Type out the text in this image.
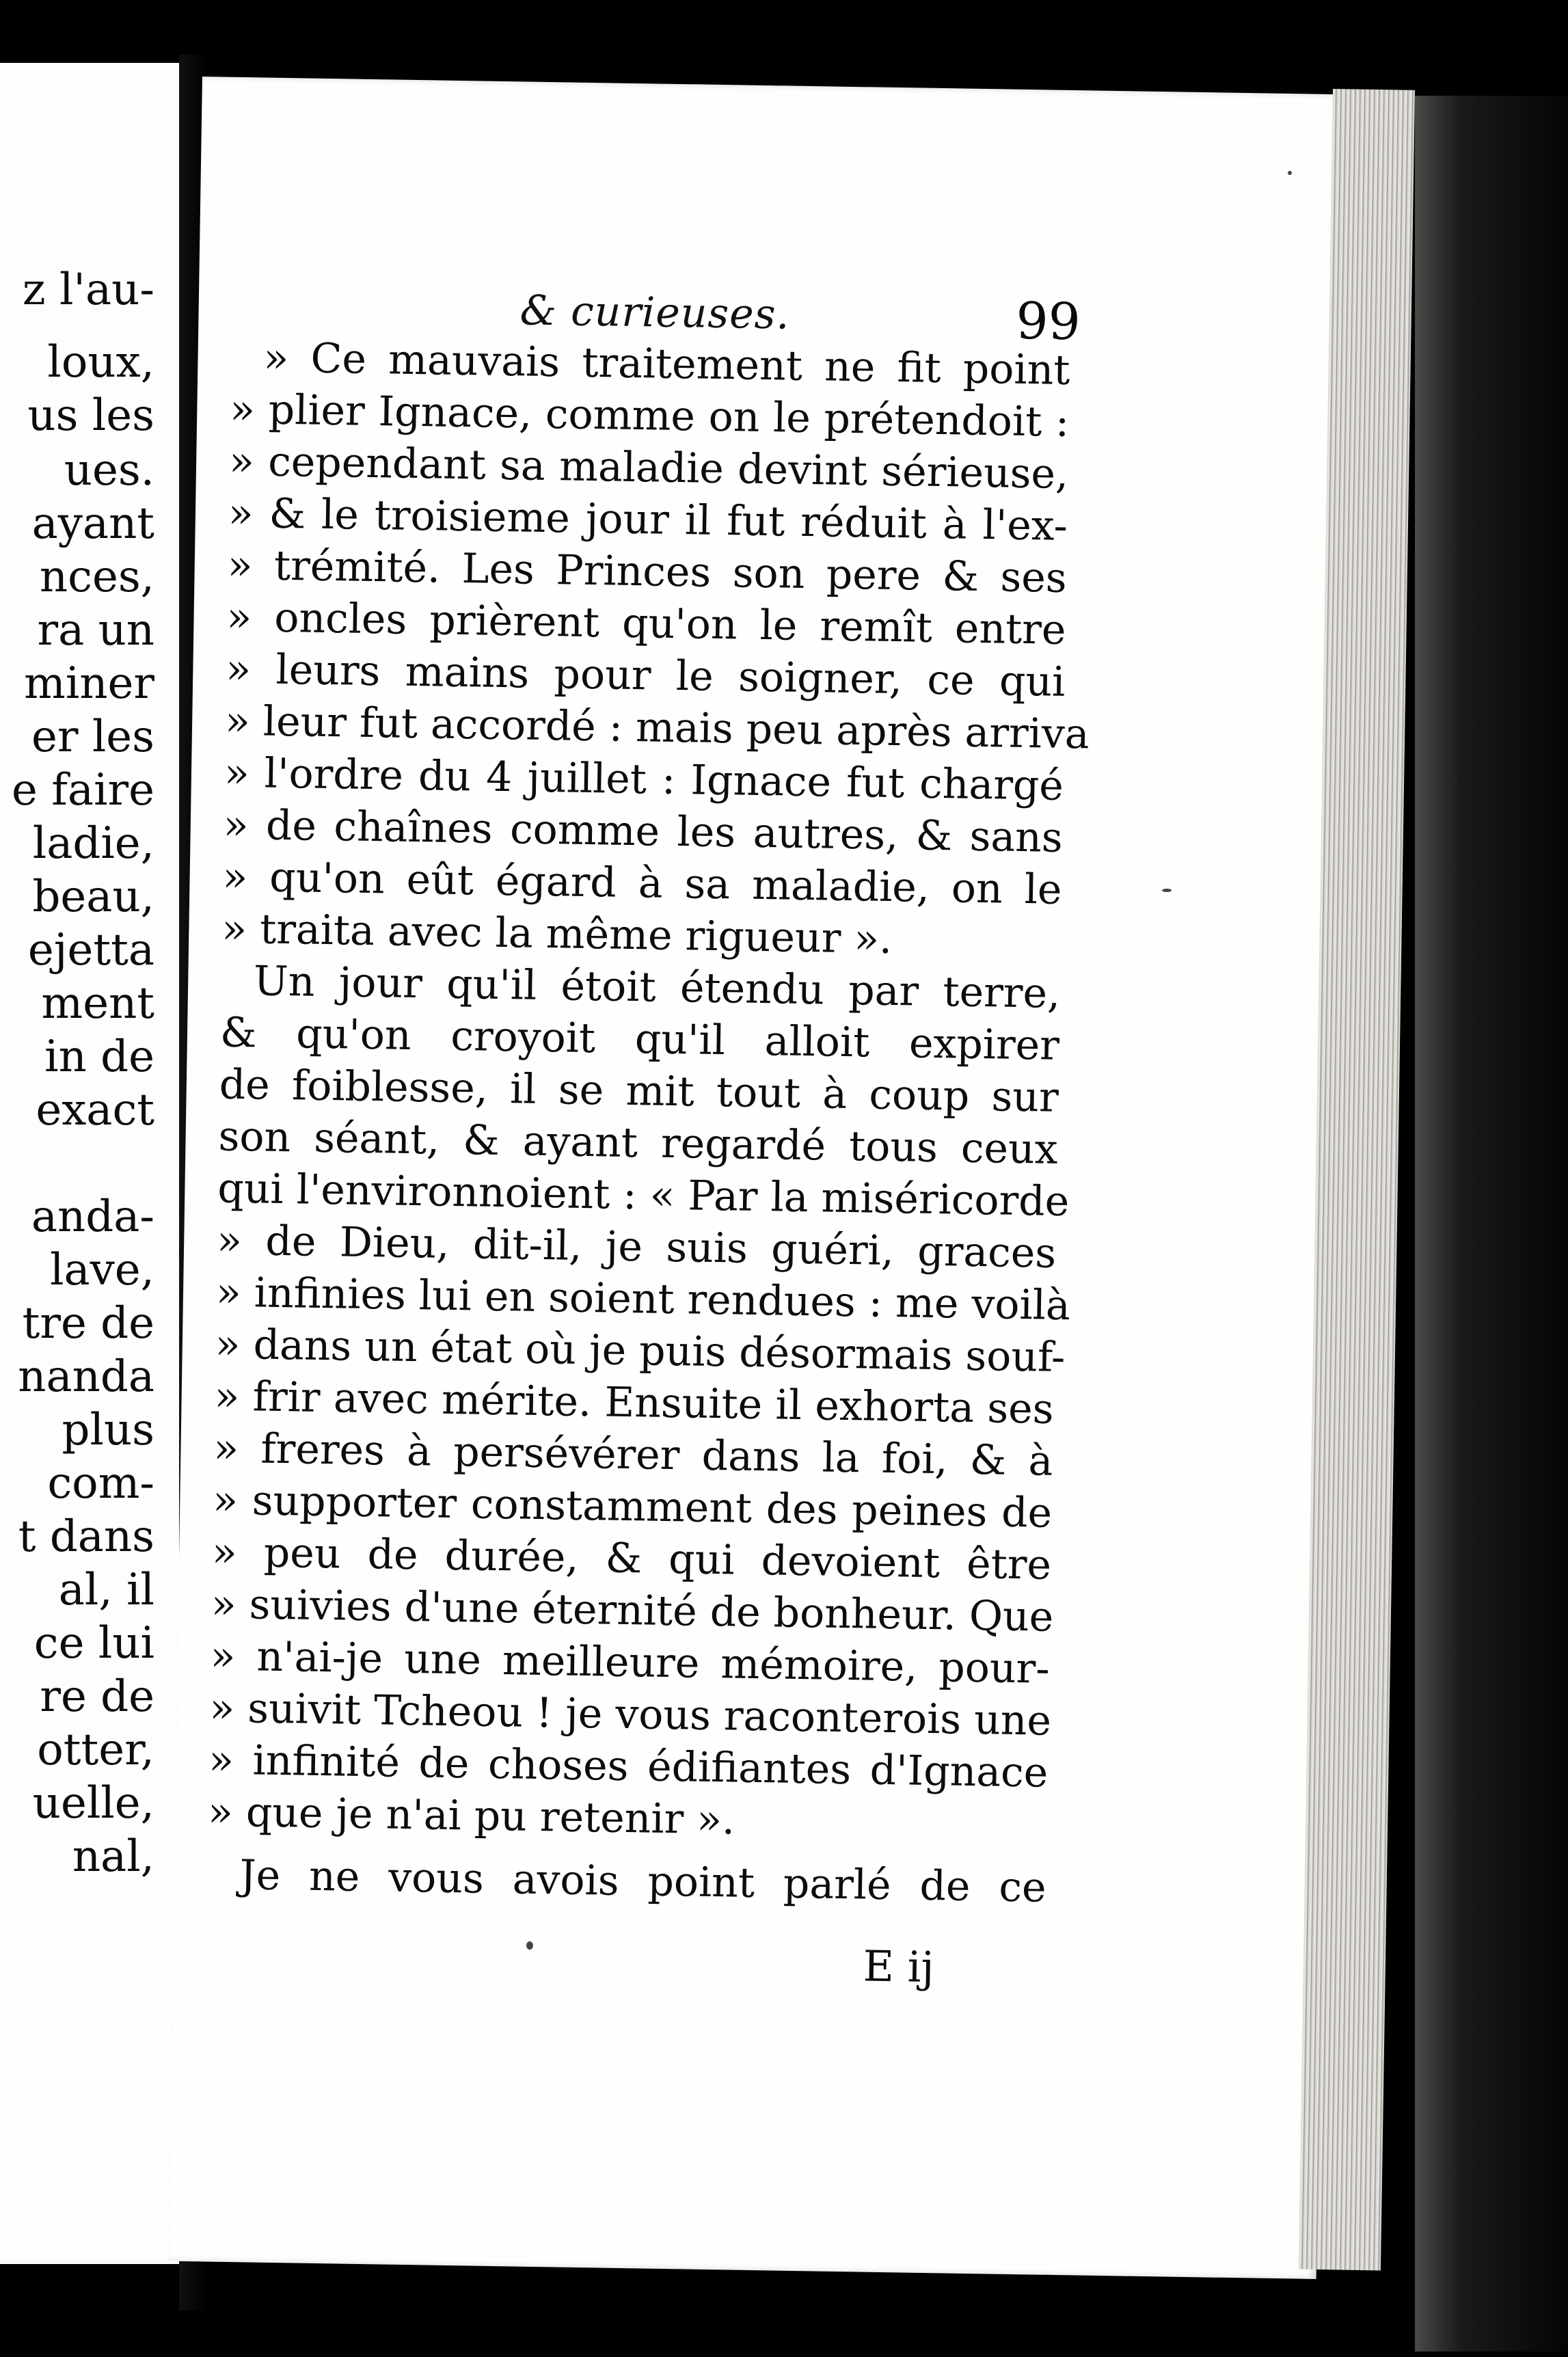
z l'au-
loux,
us les
ues.
ayant
nces,
ra un
miner
er les
e faire
ladie,
beau,
ejetta
ment
in de
exact
anda-
lave,
tre de
nanda
plus
com-
t dans
al, il
ce lui
re de
otter,
uelle,
nal,
& curieuses.	99
» Ce mauvais traitement ne fit point
» plier Ignace, comme on le prétendoit :
» cependant sa maladie devint sérieuse,
» & le troisieme jour il fut réduit à l'ex-
» trémité. Les Princes son pere & ses
» oncles prièrent qu'on le remît entre
» leurs mains pour le soigner, ce qui
» leur fut accordé : mais peu après arriva
» l'ordre du 4 juillet : Ignace fut chargé
» de chaînes comme les autres, & sans
» qu'on eût égard à sa maladie, on le
» traita avec la même rigueur ».
Un jour qu'il étoit étendu par terre,
& qu'on croyoit qu'il alloit expirer
de foiblesse, il se mit tout à coup sur
son séant, & ayant regardé tous ceux
qui l'environnoient : « Par la miséricorde
» de Dieu, dit-il, je suis guéri, graces
» infinies lui en soient rendues : me voilà
» dans un état où je puis désormais souf-
» frir avec mérite. Ensuite il exhorta ses
» freres à persévérer dans la foi, & à
» supporter constamment des peines de
» peu de durée, & qui devoient être
» suivies d'une éternité de bonheur. Que
» n'ai-je une meilleure mémoire, pour-
» suivit Tcheou ! je vous raconterois une
» infinité de choses édifiantes d'Ignace
» que je n'ai pu retenir ».
Je ne vous avois point parlé de ce
E ij
